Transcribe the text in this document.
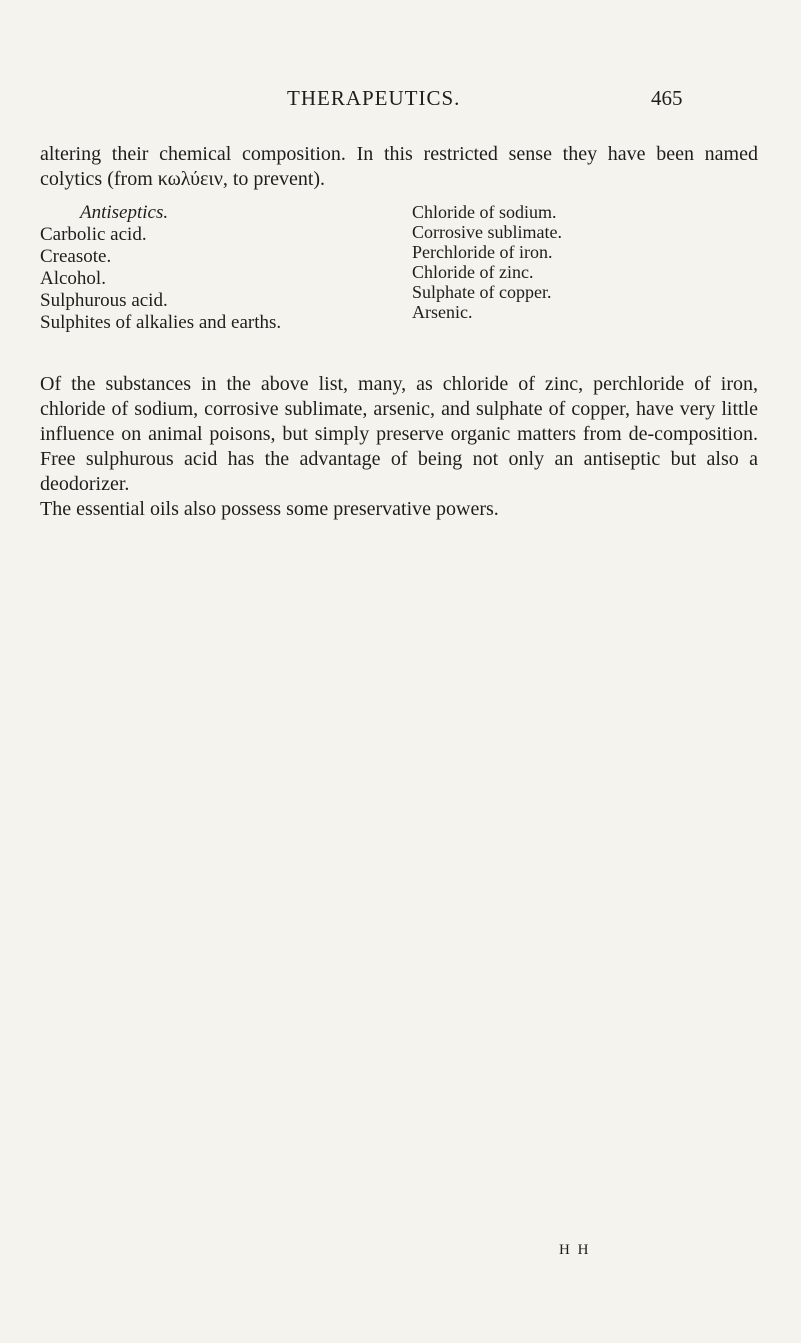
THERAPEUTICS.	465
altering their chemical composition. In this restricted sense they have been named colytics (from κωλύειν, to prevent).
Antiseptics.
Carbolic acid.
Creasote.
Alcohol.
Sulphurous acid.
Sulphites of alkalies and earths.
Chloride of sodium.
Corrosive sublimate.
Perchloride of iron.
Chloride of zinc.
Sulphate of copper.
Arsenic.
Of the substances in the above list, many, as chloride of zinc, perchloride of iron, chloride of sodium, corrosive sublimate, arsenic, and sulphate of copper, have very little influence on animal poisons, but simply preserve organic matters from de-composition. Free sulphurous acid has the advantage of being not only an antiseptic but also a deodorizer.
The essential oils also possess some preservative powers.
H H
